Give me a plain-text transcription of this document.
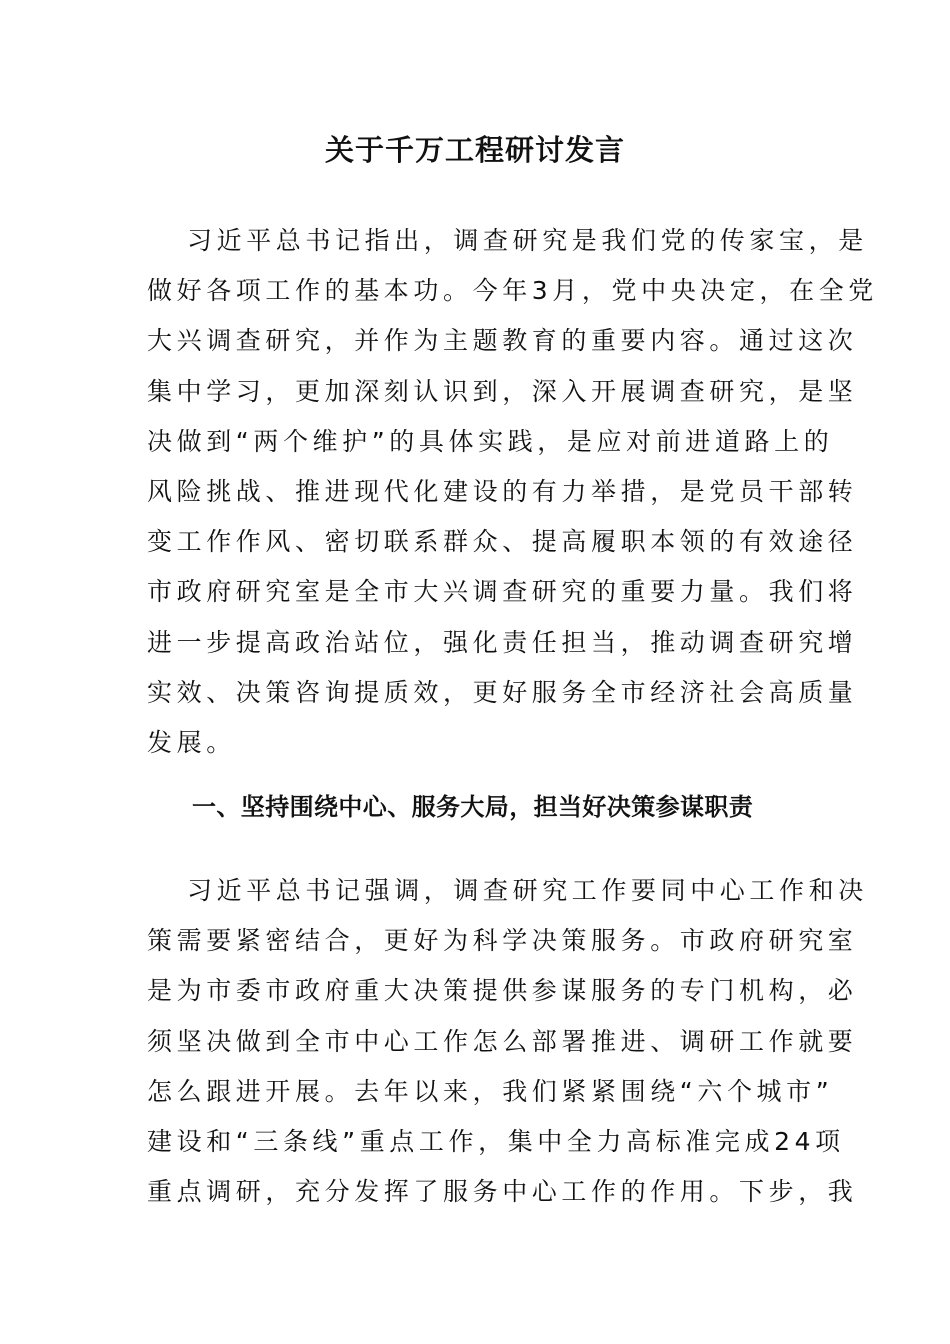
关于千万工程研讨发言
习近平总书记指出，调查研究是我们党的传家宝，是
做好各项工作的基本功。今年3月，党中央决定，在全党
大兴调查研究，并作为主题教育的重要内容。通过这次
集中学习，更加深刻认识到，深入开展调查研究，是坚
决做到“两个维护”的具体实践，是应对前进道路上的
风险挑战、推进现代化建设的有力举措，是党员干部转
变工作作风、密切联系群众、提高履职本领的有效途径
市政府研究室是全市大兴调查研究的重要力量。我们将
进一步提高政治站位，强化责任担当，推动调查研究增
实效、决策咨询提质效，更好服务全市经济社会高质量
发展。
一、坚持围绕中心、服务大局，担当好决策参谋职责
习近平总书记强调，调查研究工作要同中心工作和决
策需要紧密结合，更好为科学决策服务。市政府研究室
是为市委市政府重大决策提供参谋服务的专门机构，必
须坚决做到全市中心工作怎么部署推进、调研工作就要
怎么跟进开展。去年以来，我们紧紧围绕“六个城市”
建设和“三条线”重点工作，集中全力高标准完成24项
重点调研，充分发挥了服务中心工作的作用。下步，我
